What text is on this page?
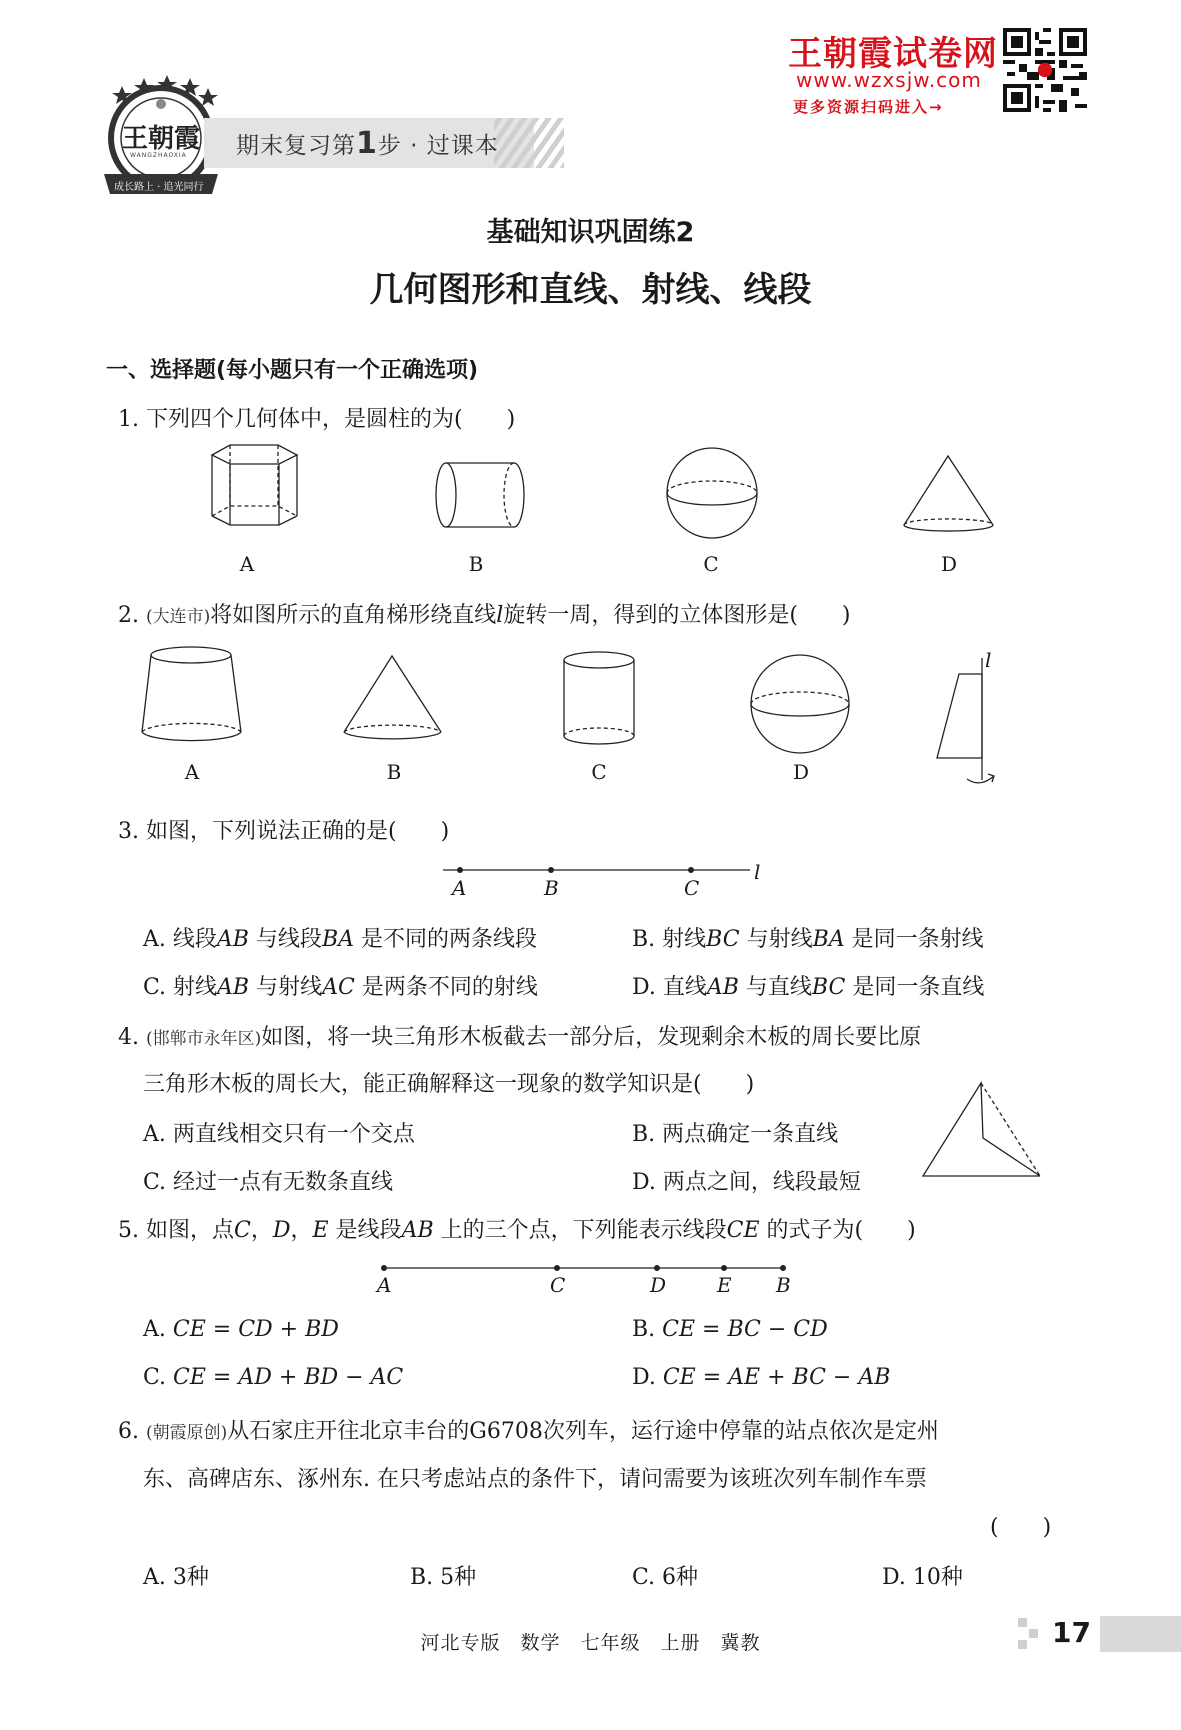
王朝霞
WANGZHAOXIA
成长路上 · 追光同行
期末复习第1步 · 过课本
王朝霞试卷网
www.wzxsjw.com
更多资源扫码进入→
基础知识巩固练2
几何图形和直线、射线、线段
一、选择题(每小题只有一个正确选项)
1. 下列四个几何体中，是圆柱的为(　　)
A	B	C	D
2. (大连市)将如图所示的直角梯形绕直线l旋转一周，得到的立体图形是(　　)
l
A	B	C	D
3. 如图，下列说法正确的是(　　)
A	B	C
l
A. 线段AB 与线段BA 是不同的两条线段	B. 射线BC 与射线BA 是同一条射线
C. 射线AB 与射线AC 是两条不同的射线	D. 直线AB 与直线BC 是同一条直线
4. (邯郸市永年区)如图，将一块三角形木板截去一部分后，发现剩余木板的周长要比原
三角形木板的周长大，能正确解释这一现象的数学知识是(　　)
A. 两直线相交只有一个交点	B. 两点确定一条直线
C. 经过一点有无数条直线	D. 两点之间，线段最短
5. 如图，点C，D，E 是线段AB 上的三个点，下列能表示线段CE 的式子为(　　)
A	C	D	E B
A. CE = CD + BD	B. CE = BC − CD
C. CE = AD + BD − AC	D. CE = AE + BC − AB
6. (朝霞原创)从石家庄开往北京丰台的G6708次列车，运行途中停靠的站点依次是定州
东、高碑店东、涿州东. 在只考虑站点的条件下，请问需要为该班次列车制作车票
(　　)
A. 3种	B. 5种	C. 6种	D. 10种
河北专版　数学　七年级　上册　冀教	17
